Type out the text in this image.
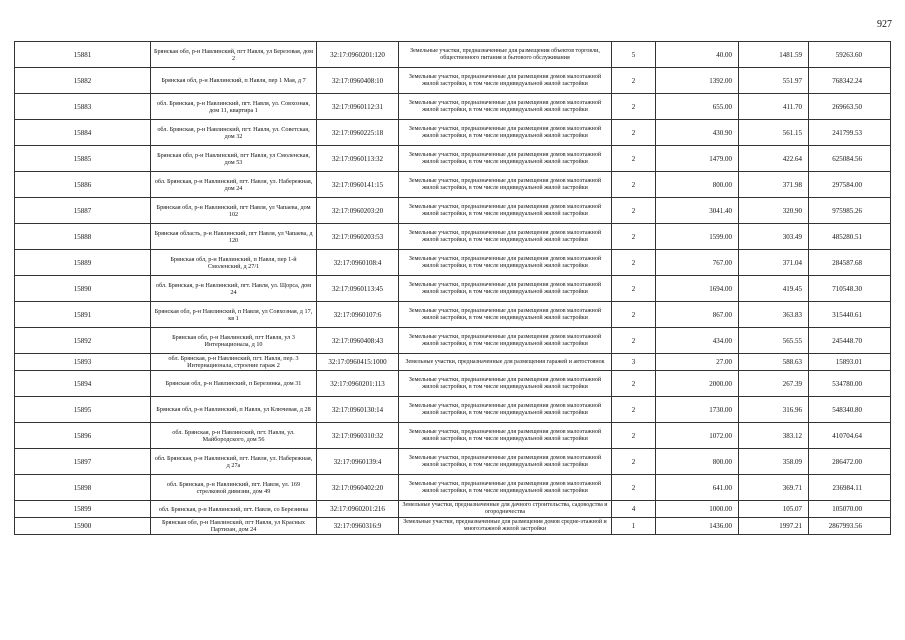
927
15881	Брянская обл, р-н Навлинский, пгт Навля, ул Березовая, дом 2	32:17:0960201:120	Земельные участки, предназначенные для размещения объектов торговли, общественного питания и бытового обслуживания	5	40.00	1481.59	59263.60
15882	Брянская обл, р-н Навлинский, п Навля, пер 1 Мая, д 7	32:17:0960408:10	Земельные участки, предназначенные для размещения домов малоэтажной жилой застройки, в том числе индивидуальной жилой застройки	2	1392.00	551.97	768342.24
15883	обл. Брянская, р-н Навлинский, пгт. Навля, ул. Совхозная, дом 11, квартира 1	32:17:0960112:31	Земельные участки, предназначенные для размещения домов малоэтажной жилой застройки, в том числе индивидуальной жилой застройки	2	655.00	411.70	269663.50
15884	обл. Брянская, р-н Навлинский, пгт. Навля, ул. Советская, дом 32	32:17:0960225:18	Земельные участки, предназначенные для размещения домов малоэтажной жилой застройки, в том числе индивидуальной жилой застройки	2	430.90	561.15	241799.53
15885	Брянская обл, р-н Навлинский, пгт Навля, ул Смоленская, дом 53	32:17:0960113:32	Земельные участки, предназначенные для размещения домов малоэтажной жилой застройки, в том числе индивидуальной жилой застройки	2	1479.00	422.64	625084.56
15886	обл. Брянская, р-н Навлинский, пгт. Навля, ул. Набережная, дом 24	32:17:0960141:15	Земельные участки, предназначенные для размещения домов малоэтажной жилой застройки, в том числе индивидуальной жилой застройки	2	800.00	371.98	297584.00
15887	Брянская обл, р-н Навлинский, пгт Навля, ул Чапаева, дом 102	32:17:0960203:20	Земельные участки, предназначенные для размещения домов малоэтажной жилой застройки, в том числе индивидуальной жилой застройки	2	3041.40	320.90	975985.26
15888	Брянская область, р-н Навлинский, пгт Навля, ул Чапаева, д 120	32:17:0960203:53	Земельные участки, предназначенные для размещения домов малоэтажной жилой застройки, в том числе индивидуальной жилой застройки	2	1599.00	303.49	485280.51
15889	Брянская обл, р-н Навлинский, п Навля, пер 1-й Смоленский, д 27/1	32:17:0960108:4	Земельные участки, предназначенные для размещения домов малоэтажной жилой застройки, в том числе индивидуальной жилой застройки	2	767.00	371.04	284587.68
15890	обл. Брянская, р-н Навлинский, пгт. Навля, ул. Щорса, дом 24	32:17:0960113:45	Земельные участки, предназначенные для размещения домов малоэтажной жилой застройки, в том числе индивидуальной жилой застройки	2	1694.00	419.45	710548.30
15891	Брянская обл, р-н Навлинский, п Навля, ул Совхозная, д 17, кв 1	32:17:0960107:6	Земельные участки, предназначенные для размещения домов малоэтажной жилой застройки, в том числе индивидуальной жилой застройки	2	867.00	363.83	315440.61
15892	Брянская обл, р-н Навлинский, пгт Навля, ул 3 Интернационала, д 10	32:17:0960408:43	Земельные участки, предназначенные для размещения домов малоэтажной жилой застройки, в том числе индивидуальной жилой застройки	2	434.00	565.55	245448.70
15893	обл. Брянская, р-н Навлинский, пгт. Навля, пер. 3 Интернационала, строение гараж 2	32:17:0960415:1000	Земельные участки, предназначенные для размещения гаражей и автостоянок	3	27.00	588.63	15893.01
15894	Брянская обл, р-н Навлинский, п Березинка, дом 31	32:17:0960201:113	Земельные участки, предназначенные для размещения домов малоэтажной жилой застройки, в том числе индивидуальной жилой застройки	2	2000.00	267.39	534780.00
15895	Брянская обл, р-н Навлинский, п Навля, ул Ключевая, д 28	32:17:0960130:14	Земельные участки, предназначенные для размещения домов малоэтажной жилой застройки, в том числе индивидуальной жилой застройки	2	1730.00	316.96	548340.80
15896	обл. Брянская, р-н Навлинский, пгт. Навля, ул. Майбородского, дом 56	32:17:0960310:32	Земельные участки, предназначенные для размещения домов малоэтажной жилой застройки, в том числе индивидуальной жилой застройки	2	1072.00	383.12	410704.64
15897	обл. Брянская, р-н Навлинский, пгт. Навля, ул. Набережная, д 27а	32:17:0960139:4	Земельные участки, предназначенные для размещения домов малоэтажной жилой застройки, в том числе индивидуальной жилой застройки	2	800.00	358.09	286472.00
15898	обл. Брянская, р-н Навлинский, пгт. Навля, ул. 169 стрелковой дивизии, дом 49	32:17:0960402:20	Земельные участки, предназначенные для размещения домов малоэтажной жилой застройки, в том числе индивидуальной жилой застройки	2	641.00	369.71	236984.11
15899	обл. Брянская, р-н Навлинский, пгт. Навля, со Березинка	32:17:0960201:216	Земельные участки, предназначенные для дачного строительства, садоводства и огородничества	4	1000.00	105.07	105070.00
15900	Брянская обл, р-н Навлинский, пгт Навля, ул Красных Партизан, дом 24	32:17:0960316:9	Земельные участки, предназначенные для размещения домов средне-этажной и многоэтажной жилой застройки	1	1436.00	1997.21	2867993.56
